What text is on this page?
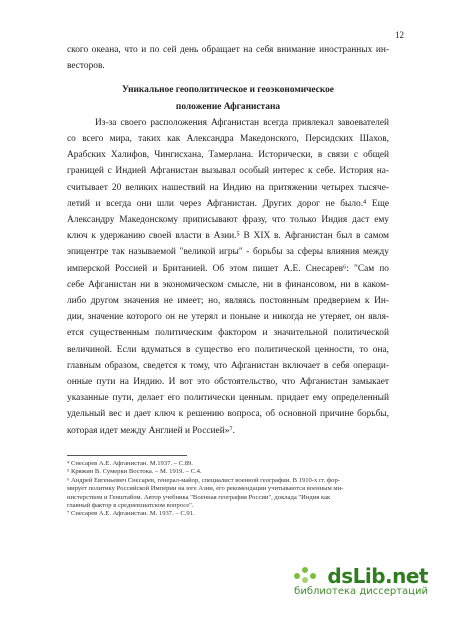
12
ского океана, что и по сей день обращает на себя внимание иностранных ин-
весторов.
Уникальное геополитическое и геоэкономическое
положение Афганистана
Из-за своего расположения Афганистан всегда привлекал завоевателей
со всего мира, таких как Александра Македонского, Персидских Шахов,
Арабских Халифов, Чингисхана, Тамерлана. Исторически, в связи с общей
границей с Индией Афганистан вызывал особый интерес к себе. История на-
считывает 20 великих нашествий на Индию на притяжении четырех тысяче-
летий и всегда они шли через Афганистан. Других дорог не было.⁴ Еще
Александру Македонскому приписывают фразу, что только Индия даст ему
ключ к удержанию своей власти в Азии.⁵ В XIX в. Афганистан был в самом
эпицентре так называемой "великой игры" - борьбы за сферы влияния между
имперской Россией и Британией. Об этом пишет А.Е. Снесарев⁶: "Сам по
себе Афганистан ни в экономическом смысле, ни в финансовом, ни в каком-
либо другом значения не имеет; но, являясь постоянным предверием к Ин-
дии, значение которого он не утерял и поныне и никогда не утеряет, он явля-
ется существенным политическим фактором и значительной политической
величиной. Если вдуматься в существо его политической ценности, то она,
главным образом, сведется к тому, что Афганистан включает в себя операци-
онные пути на Индию. И вот это обстоятельство, что Афганистан замыкает
указанные пути, делает его политически ценным. придает ему определенный
удельный вес и дает ключ к решению вопроса, об основной причине борьбы,
которая идет между Англией и Россией»⁷.
⁴ Снесарев А.Е. Афганистан. М.1937. – С.89.
⁵ Кряжин В. Сумерки Востока. – М. 1919. – С.4.
⁶ Андрей Евгеньевич Снесарев, генерал-майор, специалист военной географии. В 1910-х гг. фор-
мирует политику Российской Империи на юге Азии, его рекомендации учитываются военным ми-
нистерством и Генштабом. Автор учебника "Военная география России", доклада "Индия как
главный фактор в средневзиатском вопросе".
⁷ Снесарев А.Е. Афганистан. М. 1937. – С.91.
dsLib.net
библиотека диссертаций
